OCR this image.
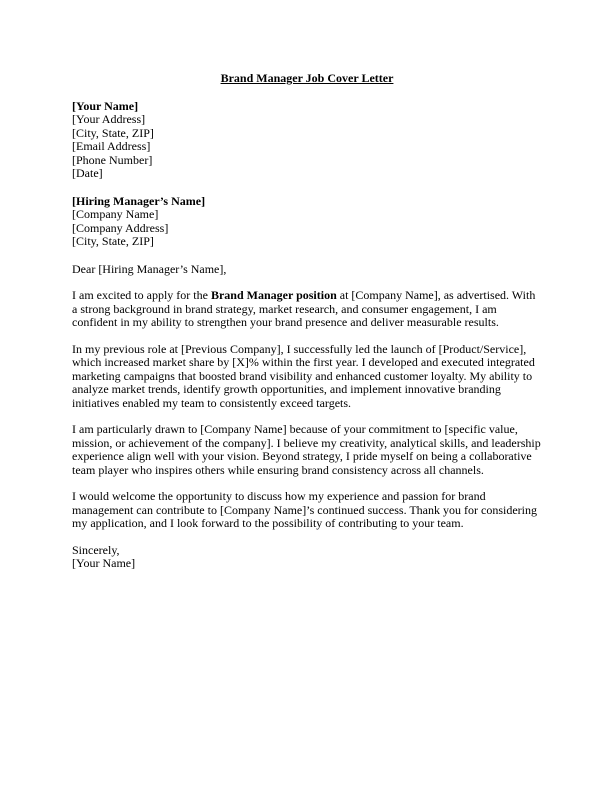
Brand Manager Job Cover Letter
[Your Name]
[Your Address]
[City, State, ZIP]
[Email Address]
[Phone Number]
[Date]
[Hiring Manager’s Name]
[Company Name]
[Company Address]
[City, State, ZIP]

Dear [Hiring Manager’s Name],

I am excited to apply for the Brand Manager position at [Company Name], as advertised. With a strong background in brand strategy, market research, and consumer engagement, I am confident in my ability to strengthen your brand presence and deliver measurable results.

In my previous role at [Previous Company], I successfully led the launch of [Product/Service], which increased market share by [X]% within the first year. I developed and executed integrated marketing campaigns that boosted brand visibility and enhanced customer loyalty. My ability to analyze market trends, identify growth opportunities, and implement innovative branding initiatives enabled my team to consistently exceed targets.

I am particularly drawn to [Company Name] because of your commitment to [specific value, mission, or achievement of the company]. I believe my creativity, analytical skills, and leadership experience align well with your vision. Beyond strategy, I pride myself on being a collaborative team player who inspires others while ensuring brand consistency across all channels.

I would welcome the opportunity to discuss how my experience and passion for brand management can contribute to [Company Name]’s continued success. Thank you for considering my application, and I look forward to the possibility of contributing to your team.

Sincerely,
[Your Name]
